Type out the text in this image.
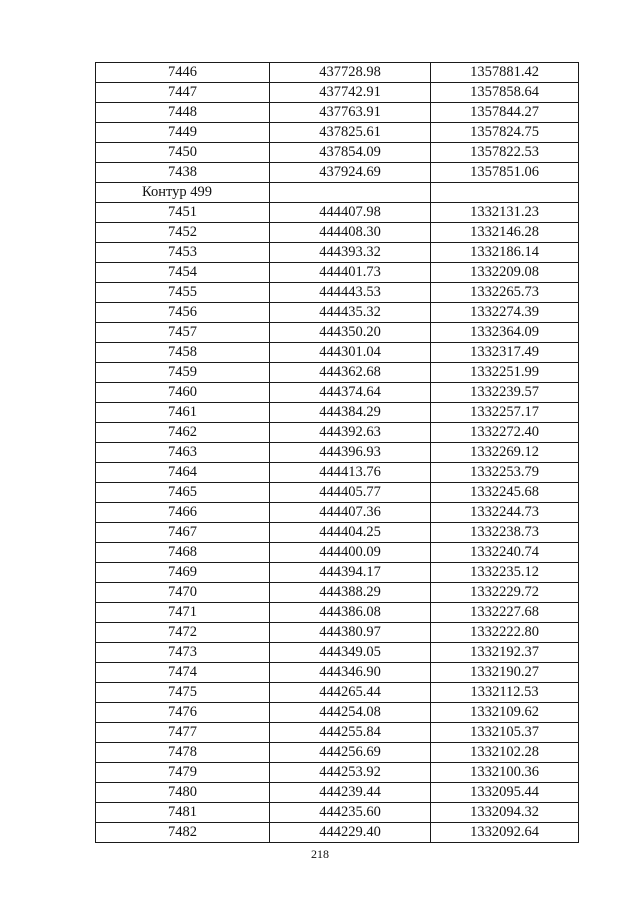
7446	437728.98	1357881.42
7447	437742.91	1357858.64
7448	437763.91	1357844.27
7449	437825.61	1357824.75
7450	437854.09	1357822.53
7438	437924.69	1357851.06
Контур 499		
7451	444407.98	1332131.23
7452	444408.30	1332146.28
7453	444393.32	1332186.14
7454	444401.73	1332209.08
7455	444443.53	1332265.73
7456	444435.32	1332274.39
7457	444350.20	1332364.09
7458	444301.04	1332317.49
7459	444362.68	1332251.99
7460	444374.64	1332239.57
7461	444384.29	1332257.17
7462	444392.63	1332272.40
7463	444396.93	1332269.12
7464	444413.76	1332253.79
7465	444405.77	1332245.68
7466	444407.36	1332244.73
7467	444404.25	1332238.73
7468	444400.09	1332240.74
7469	444394.17	1332235.12
7470	444388.29	1332229.72
7471	444386.08	1332227.68
7472	444380.97	1332222.80
7473	444349.05	1332192.37
7474	444346.90	1332190.27
7475	444265.44	1332112.53
7476	444254.08	1332109.62
7477	444255.84	1332105.37
7478	444256.69	1332102.28
7479	444253.92	1332100.36
7480	444239.44	1332095.44
7481	444235.60	1332094.32
7482	444229.40	1332092.64
218
